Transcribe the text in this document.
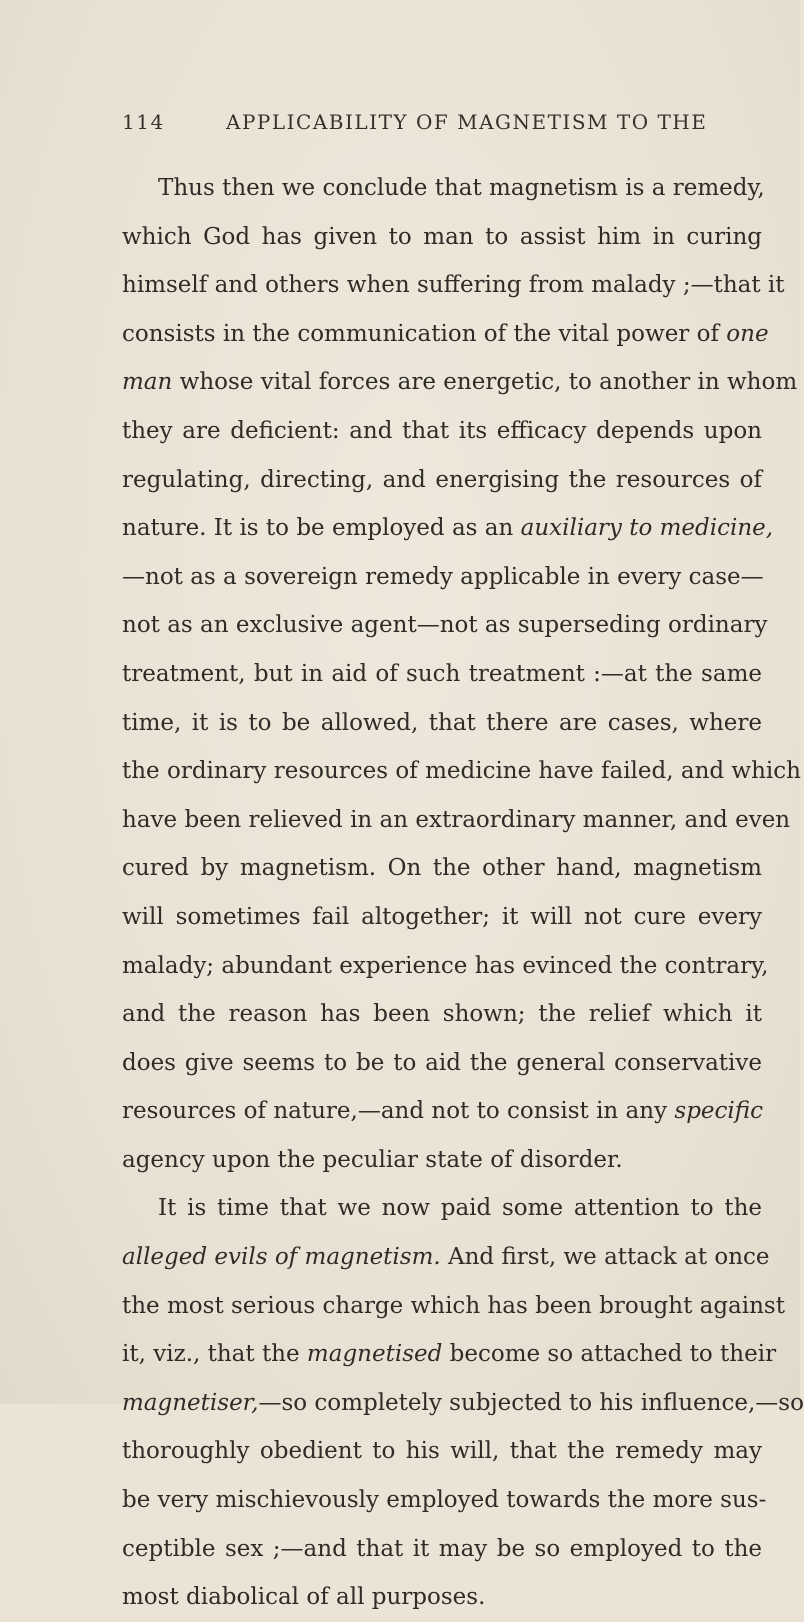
114	APPLICABILITY OF MAGNETISM TO THE
Thus then we conclude that magnetism is a remedy,
which God has given to man to assist him in curing
himself and others when suffering from malady ;—that it
consists in the communication of the vital power of one
man whose vital forces are energetic, to another in whom
they are deficient: and that its efficacy depends upon
regulating, directing, and energising the resources of
nature. It is to be employed as an auxiliary to medicine,
—not as a sovereign remedy applicable in every case—
not as an exclusive agent—not as superseding ordinary
treatment, but in aid of such treatment :—at the same
time, it is to be allowed, that there are cases, where
the ordinary resources of medicine have failed, and which
have been relieved in an extraordinary manner, and even
cured by magnetism. On the other hand, magnetism
will sometimes fail altogether; it will not cure every
malady; abundant experience has evinced the contrary,
and the reason has been shown; the relief which it
does give seems to be to aid the general conservative
resources of nature,—and not to consist in any specific
agency upon the peculiar state of disorder.
It is time that we now paid some attention to the
alleged evils of magnetism. And first, we attack at once
the most serious charge which has been brought against
it, viz., that the magnetised become so attached to their
magnetiser,—so completely subjected to his influence,—so
thoroughly obedient to his will, that the remedy may
be very mischievously employed towards the more sus-
ceptible sex ;—and that it may be so employed to the
most diabolical of all purposes.
